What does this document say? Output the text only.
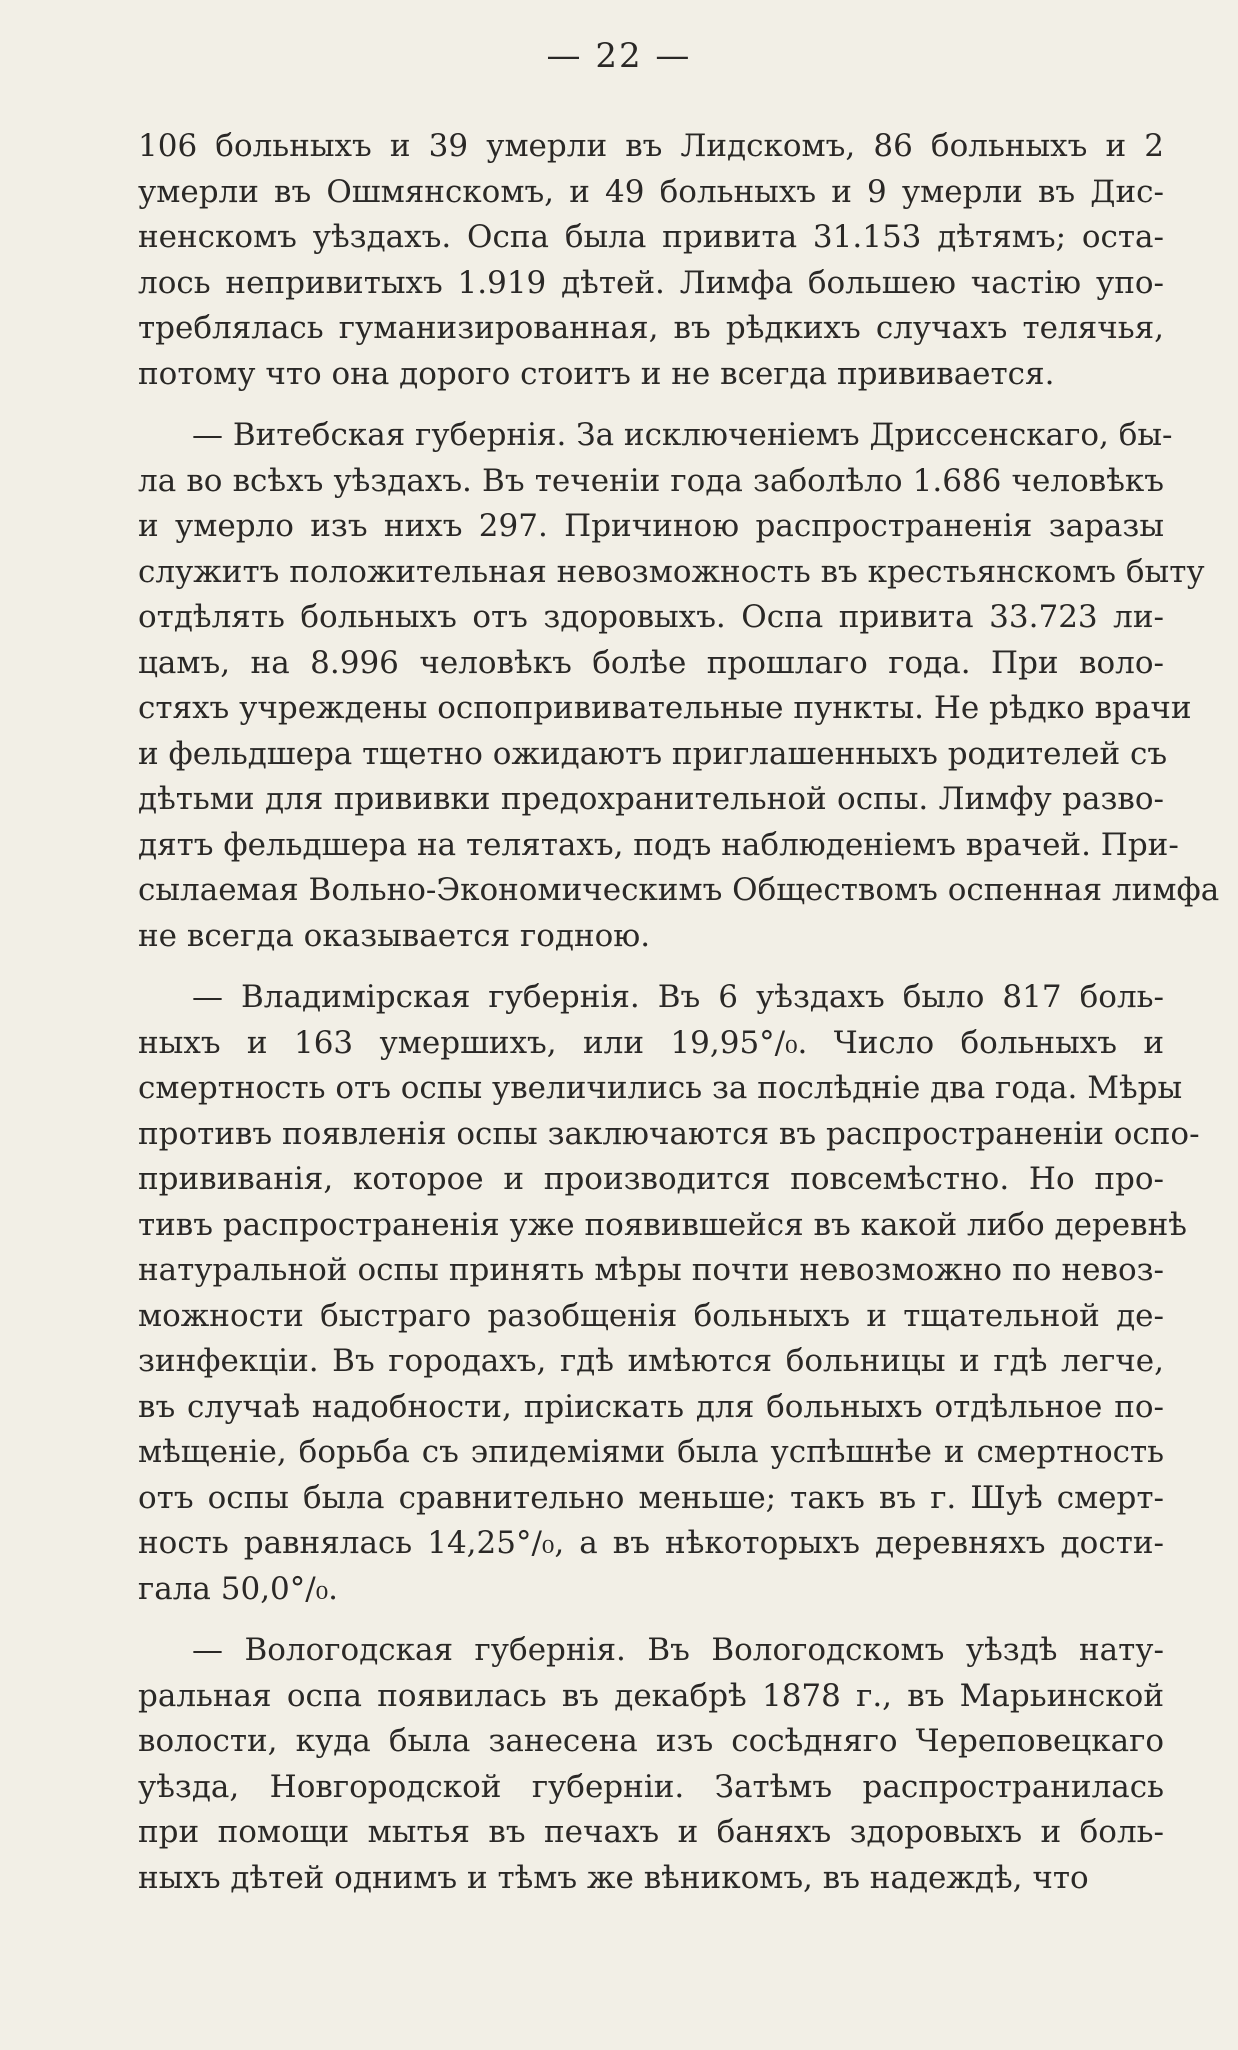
— 22 —
106 больныхъ и 39 умерли въ Лидскомъ, 86 больныхъ и 2
умерли въ Ошмянскомъ, и 49 больныхъ и 9 умерли въ Дис-
ненскомъ уѣздахъ. Оспа была привита 31.153 дѣтямъ; оста-
лось непривитыхъ 1.919 дѣтей. Лимфа большею частію упо-
треблялась гуманизированная, въ рѣдкихъ случахъ телячья,
потому что она дорого стоитъ и не всегда прививается.
— Витебская губернія. За исключеніемъ Дриссенскаго, бы-
ла во всѣхъ уѣздахъ. Въ теченіи года заболѣло 1.686 человѣкъ
и умерло изъ нихъ 297. Причиною распространенія заразы
служитъ положительная невозможность въ крестьянскомъ быту
отдѣлять больныхъ отъ здоровыхъ. Оспа привита 33.723 ли-
цамъ, на 8.996 человѣкъ болѣе прошлаго года. При воло-
стяхъ учреждены оспопрививательные пункты. Не рѣдко врачи
и фельдшера тщетно ожидаютъ приглашенныхъ родителей съ
дѣтьми для прививки предохранительной оспы. Лимфу разво-
дятъ фельдшера на телятахъ, подъ наблюденіемъ врачей. При-
сылаемая Вольно-Экономическимъ Обществомъ оспенная лимфа
не всегда оказывается годною.
— Владимірская губернія. Въ 6 уѣздахъ было 817 боль-
ныхъ и 163 умершихъ, или 19,95°/₀. Число больныхъ и
смертность отъ оспы увеличились за послѣдніе два года. Мѣры
противъ появленія оспы заключаются въ распространеніи оспо-
прививанія, которое и производится повсемѣстно. Но про-
тивъ распространенія уже появившейся въ какой либо деревнѣ
натуральной оспы принять мѣры почти невозможно по невоз-
можности быстраго разобщенія больныхъ и тщательной де-
зинфекціи. Въ городахъ, гдѣ имѣются больницы и гдѣ легче,
въ случаѣ надобности, пріискать для больныхъ отдѣльное по-
мѣщеніе, борьба съ эпидеміями была успѣшнѣе и смертность
отъ оспы была сравнительно меньше; такъ въ г. Шуѣ смерт-
ность равнялась 14,25°/₀, а въ нѣкоторыхъ деревняхъ дости-
гала 50,0°/₀.
— Вологодская губернія. Въ Вологодскомъ уѣздѣ нату-
ральная оспа появилась въ декабрѣ 1878 г., въ Марьинской
волости, куда была занесена изъ сосѣдняго Череповецкаго
уѣзда, Новгородской губерніи. Затѣмъ распространилась
при помощи мытья въ печахъ и баняхъ здоровыхъ и боль-
ныхъ дѣтей однимъ и тѣмъ же вѣникомъ, въ надеждѣ, что
